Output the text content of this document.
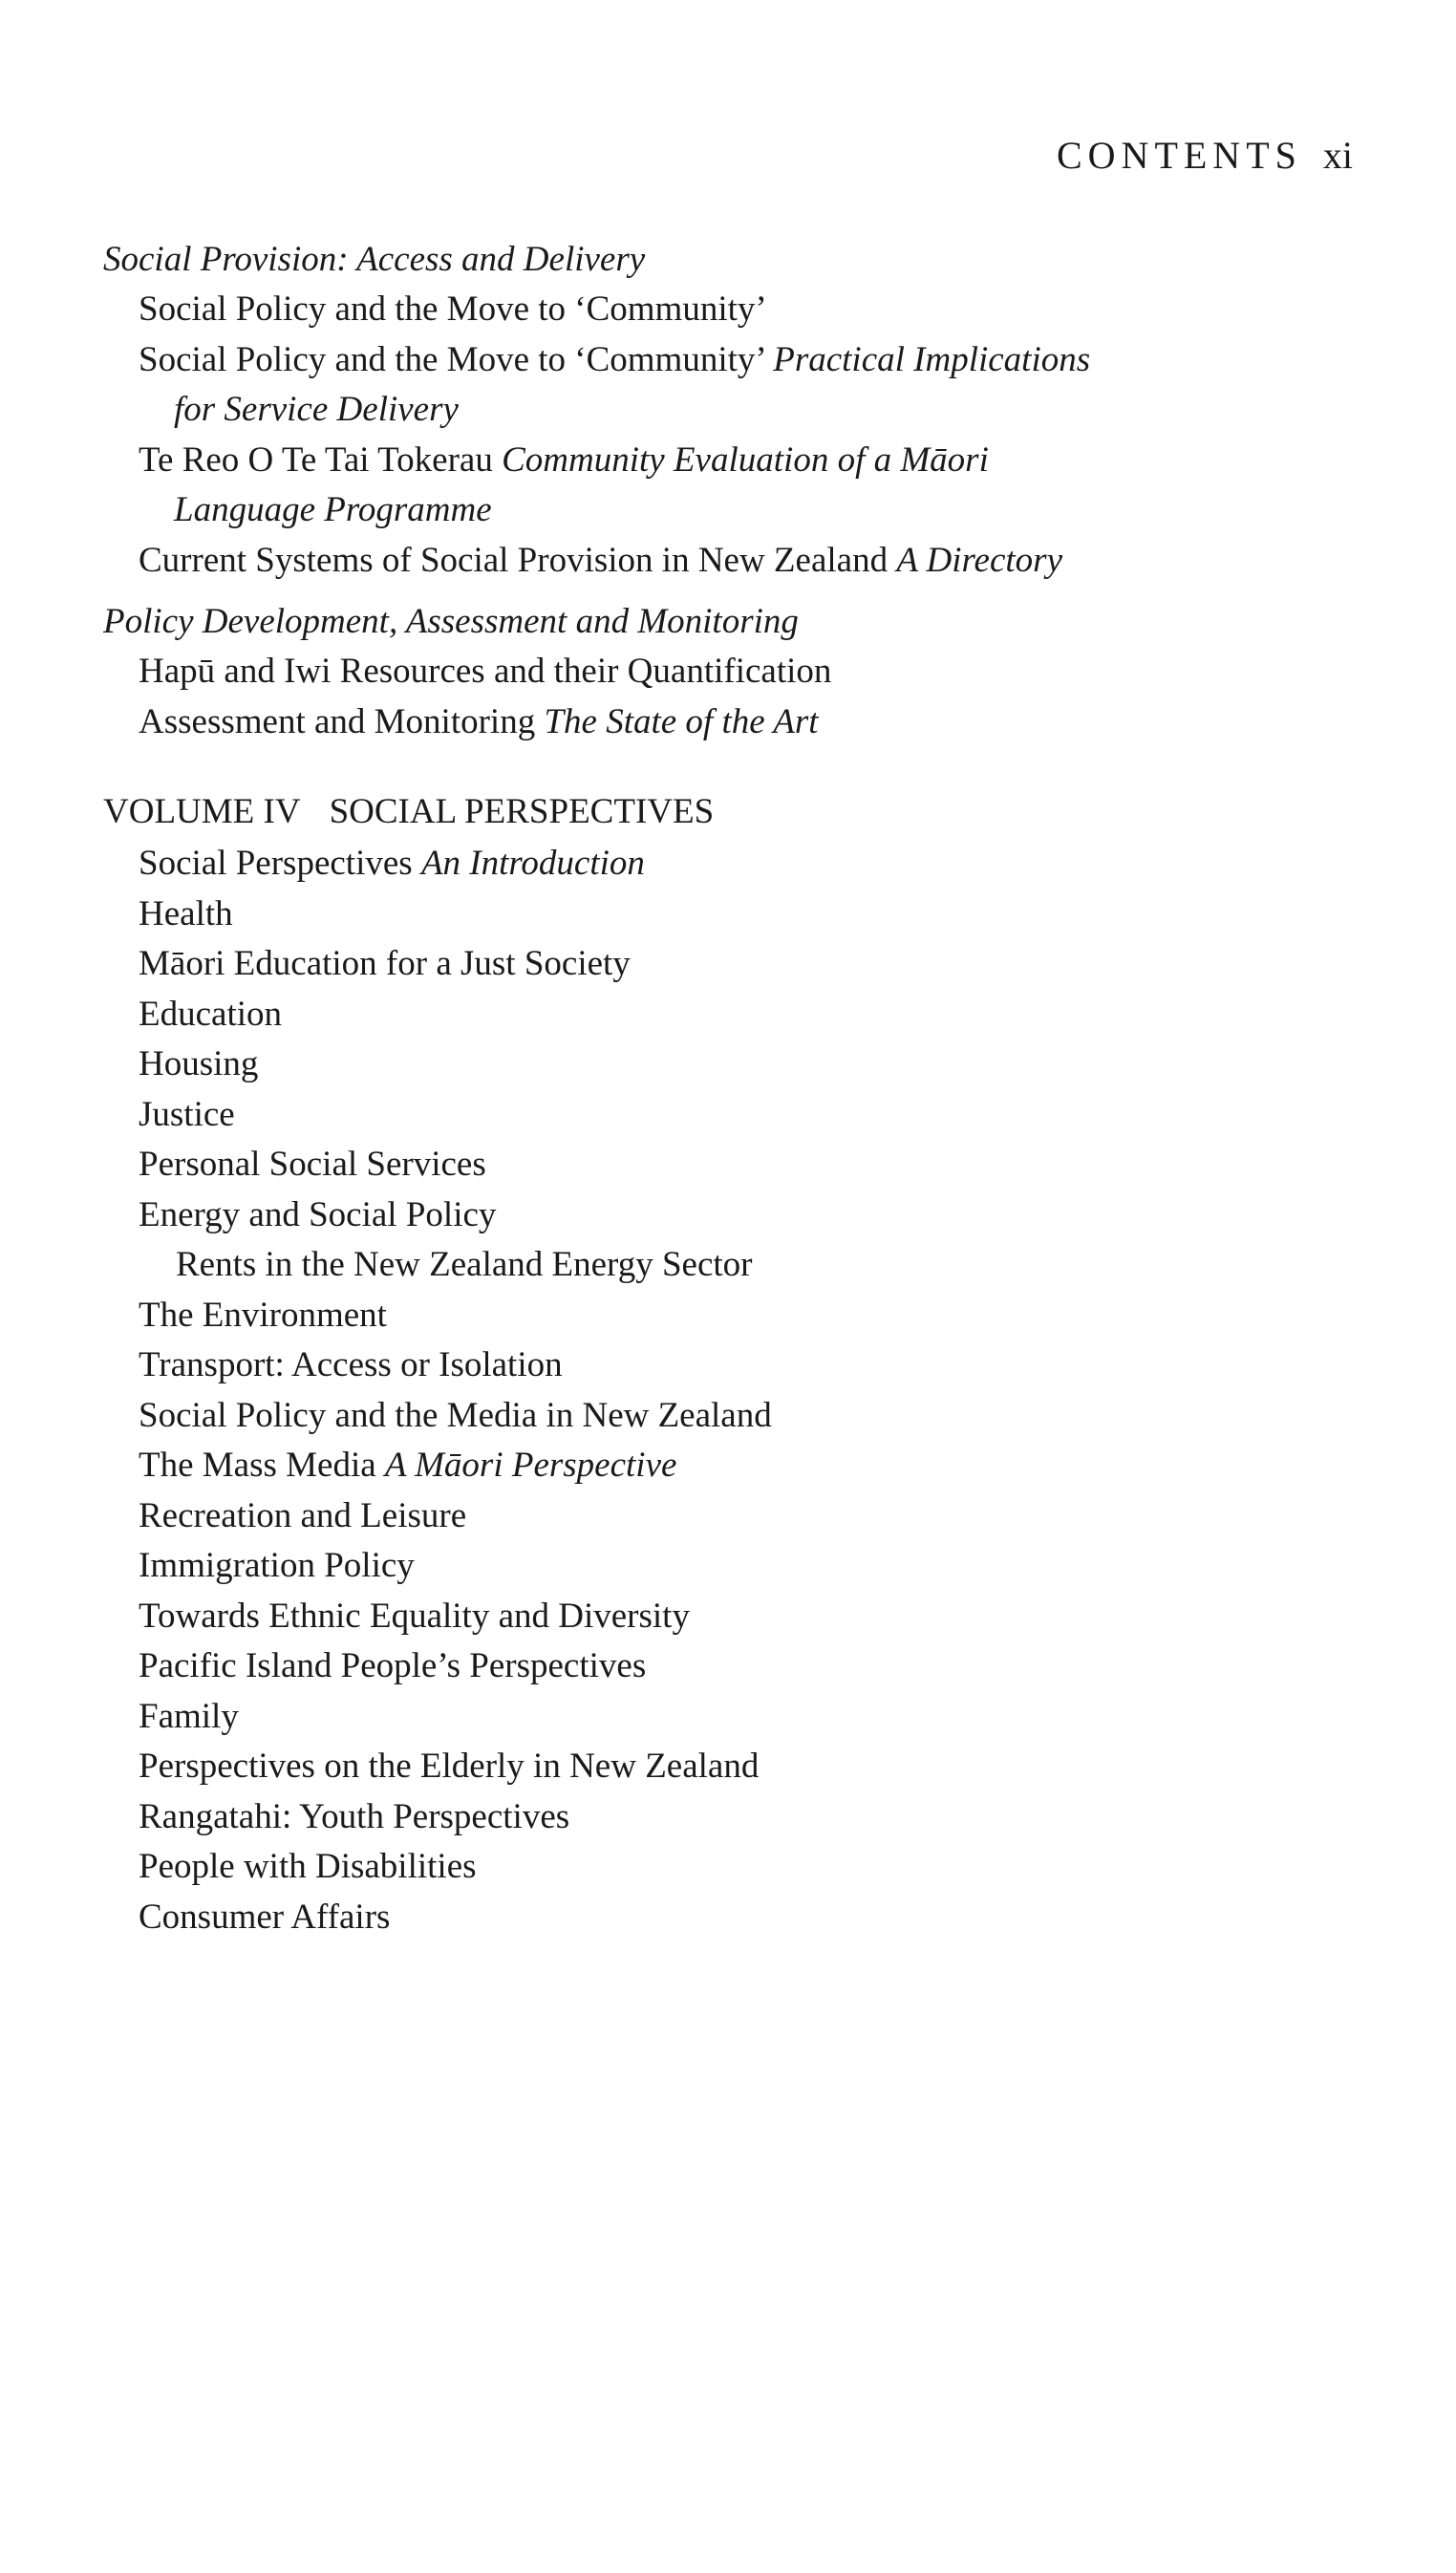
CONTENTS xi
Social Provision: Access and Delivery
Social Policy and the Move to ‘Community’
Social Policy and the Move to ‘Community’ Practical Implications
for Service Delivery
Te Reo O Te Tai Tokerau Community Evaluation of a Māori
Language Programme
Current Systems of Social Provision in New Zealand A Directory
Policy Development, Assessment and Monitoring
Hapū and Iwi Resources and their Quantification
Assessment and Monitoring The State of the Art
VOLUME IV SOCIAL PERSPECTIVES
Social Perspectives An Introduction
Health
Māori Education for a Just Society
Education
Housing
Justice
Personal Social Services
Energy and Social Policy
Rents in the New Zealand Energy Sector
The Environment
Transport: Access or Isolation
Social Policy and the Media in New Zealand
The Mass Media A Māori Perspective
Recreation and Leisure
Immigration Policy
Towards Ethnic Equality and Diversity
Pacific Island People’s Perspectives
Family
Perspectives on the Elderly in New Zealand
Rangatahi: Youth Perspectives
People with Disabilities
Consumer Affairs
